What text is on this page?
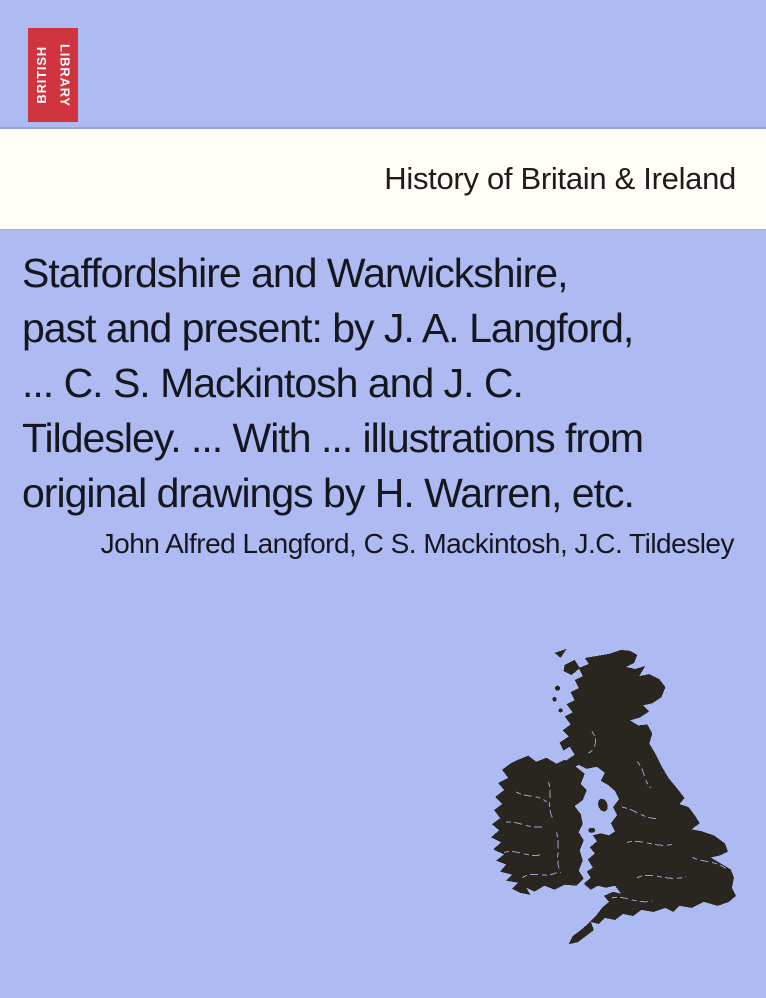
BRITISH LIBRARY
History of Britain & Ireland
Staffordshire and Warwickshire,
past and present: by J. A. Langford,
... C. S. Mackintosh and J. C.
Tildesley. ... With ... illustrations from
original drawings by H. Warren, etc.
John Alfred Langford, C S. Mackintosh, J.C. Tildesley
